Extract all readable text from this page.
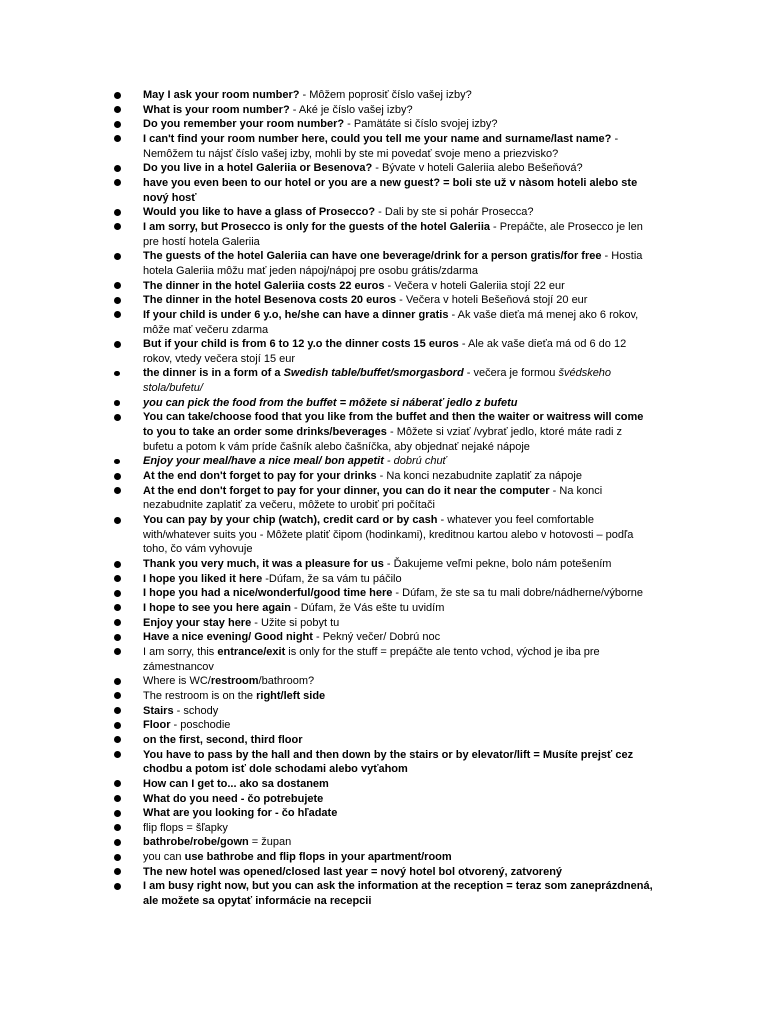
May I ask your room number? - Môžem poprosiť číslo vašej izby?
What is your room number? - Aké je číslo vašej izby?
Do you remember your room number? - Pamätáte si číslo svojej izby?
I can't find your room number here, could you tell me your name and surname/last name? - Nemôžem tu nájsť číslo vašej izby, mohli by ste mi povedať svoje meno a priezvisko?
Do you live in a hotel Galeriia or Besenova? - Bývate v hoteli Galeriia alebo Bešeňová?
have you even been to our hotel or you are a new guest? = boli ste už v nàsom hoteli alebo ste nový hosť
Would you like to have a glass of Prosecco? - Dali by ste si pohár Prosecca?
I am sorry, but Prosecco is only for the guests of the hotel Galeriia - Prepáčte, ale Prosecco je len pre hostí hotela Galeriia
The guests of the hotel Galeriia can have one beverage/drink for a person gratis/for free - Hostia hotela Galeriia môžu mať jeden nápoj/nápoj pre osobu grátis/zdarma
The dinner in the hotel Galeriia costs 22 euros - Večera v hoteli Galeriia stojí 22 eur
The dinner in the hotel Besenova costs 20 euros - Večera v hoteli Bešeňová stojí 20 eur
If your child is under 6 y.o, he/she can have a dinner gratis - Ak vaše dieťa má menej ako 6 rokov, môže mať večeru zdarma
But if your child is from 6 to 12 y.o the dinner costs 15 euros - Ale ak vaše dieťa má od 6 do 12 rokov, vtedy večera stojí 15 eur
the dinner is in a form of a Swedish table/buffet/smorgasbord - večera je formou švédskeho stola/bufetu/
you can pick the food from the buffet = môžete si náberať jedlo z bufetu
You can take/choose food that you like from the buffet and then the waiter or waitress will come to you to take an order some drinks/beverages - Môžete si vziať /vybrať jedlo, ktoré máte radi z bufetu a potom k vám príde čašník alebo čašníčka, aby objednať nejaké nápoje
Enjoy your meal/have a nice meal/ bon appetit - dobrú chuť
At the end don't forget to pay for your drinks - Na konci nezabudnite zaplatiť za nápoje
At the end don't forget to pay for your dinner, you can do it near the computer - Na konci nezabudnite zaplatiť za večeru, môžete to urobiť pri počítači
You can pay by your chip (watch), credit card or by cash - whatever you feel comfortable with/whatever suits you - Môžete platiť čipom (hodinkami), kreditnou kartou alebo v hotovosti – podľa toho, čo vám vyhovuje
Thank you very much, it was a pleasure for us - Ďakujeme veľmi pekne, bolo nám potešením
I hope you liked it here -Dúfam, že sa vám tu páčilo
I hope you had a nice/wonderful/good time here - Dúfam, že ste sa tu mali dobre/nádherne/výborne
I hope to see you here again - Dúfam, že Vás ešte tu uvidím
Enjoy your stay here - Užite si pobyt tu
Have a nice evening/ Good night - Pekný večer/ Dobrú noc
I am sorry, this entrance/exit is only for the stuff = prepáčte ale tento vchod, východ je iba pre zámestnancov
Where is WC/restroom/bathroom?
The restroom is on the right/left side
Stairs - schody
Floor - poschodie
on the first, second, third floor
You have to pass by the hall and then down by the stairs or by elevator/lift = Musíte prejsť cez chodbu a potom isť dole schodami alebo vyťahom
How can I get to... ako sa dostanem
What do you need - čo potrebujete
What are you looking for - čo hľadate
flip flops = šľapky
bathrobe/robe/gown = župan
you can use bathrobe and flip flops in your apartment/room
The new hotel was opened/closed last year = nový hotel bol otvorený, zatvorený
I am busy right now, but you can ask the information at the reception = teraz som zaneprázdnená, ale možete sa opytať informácie na recepcii
